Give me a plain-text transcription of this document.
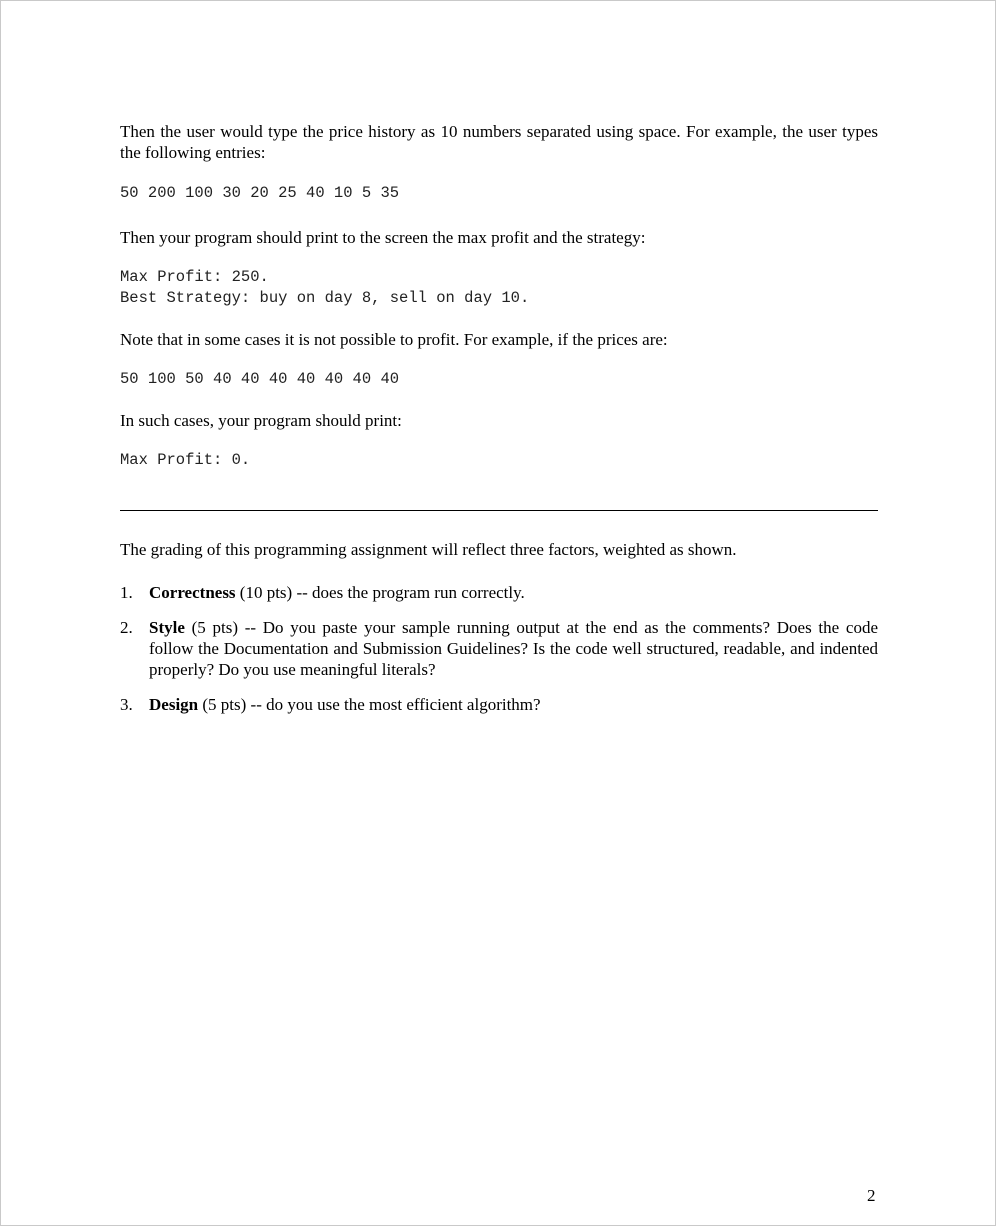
Then the user would type the price history as 10 numbers separated using space. For example, the user types the following entries:

50 200 100 30 20 25 40 10 5 35

Then your program should print to the screen the max profit and the strategy:

Max Profit: 250.
Best Strategy: buy on day 8, sell on day 10.

Note that in some cases it is not possible to profit. For example, if the prices are:

50 100 50 40 40 40 40 40 40 40

In such cases, your program should print:

Max Profit: 0.

The grading of this programming assignment will reflect three factors, weighted as shown.

1. Correctness (10 pts) -- does the program run correctly.
2. Style (5 pts) -- Do you paste your sample running output at the end as the comments? Does the code follow the Documentation and Submission Guidelines? Is the code well structured, readable, and indented properly? Do you use meaningful literals?
3. Design (5 pts) -- do you use the most efficient algorithm?
2
